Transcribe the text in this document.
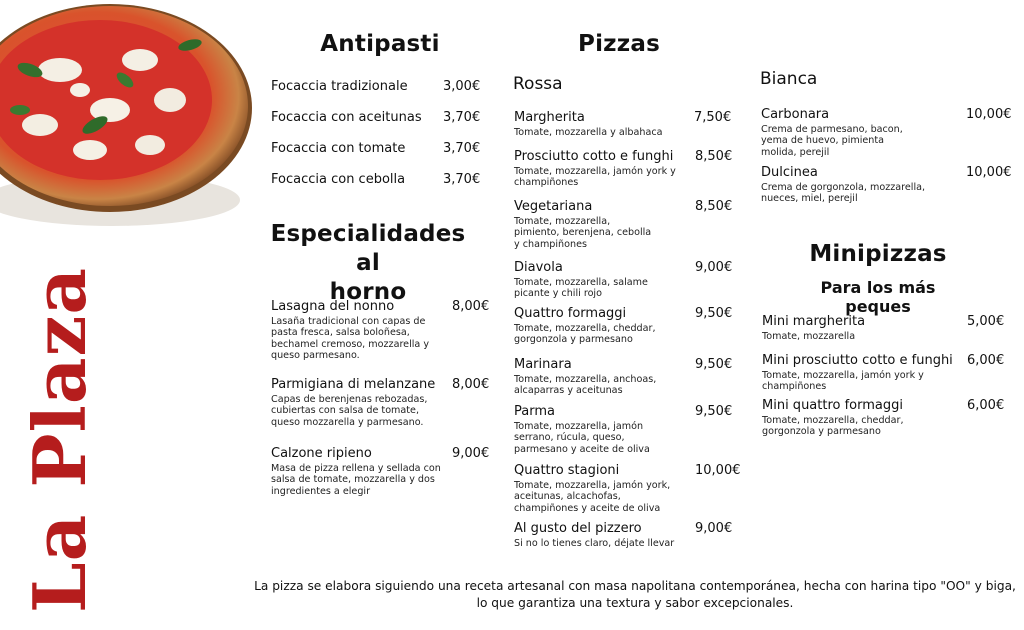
La Plaza
Antipasti
Focaccia tradizionale	3,00€
Focaccia con aceitunas	3,70€
Focaccia con tomate	3,70€
Focaccia con cebolla	3,70€
Especialidades al
horno
Lasagna del nonno
Lasaña tradicional con capas de pasta fresca, salsa boloñesa, bechamel cremoso, mozzarella y queso parmesano.
8,00€
Parmigiana di melanzane
Capas de berenjenas rebozadas, cubiertas con salsa de tomate, queso mozzarella y parmesano.
8,00€
Calzone ripieno
Masa de pizza rellena y sellada con salsa de tomate, mozzarella y dos ingredientes a elegir
9,00€
Pizzas
Rossa
Margherita
Tomate, mozzarella y albahaca
7,50€
Prosciutto cotto e funghi
Tomate, mozzarella, jamón york y champiñones
8,50€
Vegetariana
Tomate, mozzarella, pimiento, berenjena, cebolla y champiñones
8,50€
Diavola
Tomate, mozzarella, salame picante y chili rojo
9,00€
Quattro formaggi
Tomate, mozzarella, cheddar, gorgonzola y parmesano
9,50€
Marinara
Tomate, mozzarella, anchoas, alcaparras y aceitunas
9,50€
Parma
Tomate, mozzarella, jamón serrano, rúcula, queso, parmesano y aceite de oliva
9,50€
Quattro stagioni
Tomate, mozzarella, jamón york, aceitunas, alcachofas, champiñones y aceite de oliva
10,00€
Al gusto del pizzero
Si no lo tienes claro, déjate llevar
9,00€
Bianca
Carbonara
Crema de parmesano, bacon, yema de huevo, pimienta molida, perejil
10,00€
Dulcinea
Crema de gorgonzola, mozzarella, nueces, miel, perejil
10,00€
Minipizzas
Para los más peques
Mini margherita
Tomate, mozzarella
5,00€
Mini prosciutto cotto e funghi
Tomate, mozzarella, jamón york y champiñones
6,00€
Mini quattro formaggi
Tomate, mozzarella, cheddar, gorgonzola y parmesano
6,00€
La pizza se elabora siguiendo una receta artesanal con masa napolitana contemporánea, hecha con harina tipo "OO" y biga,
lo que garantiza una textura y sabor excepcionales.
